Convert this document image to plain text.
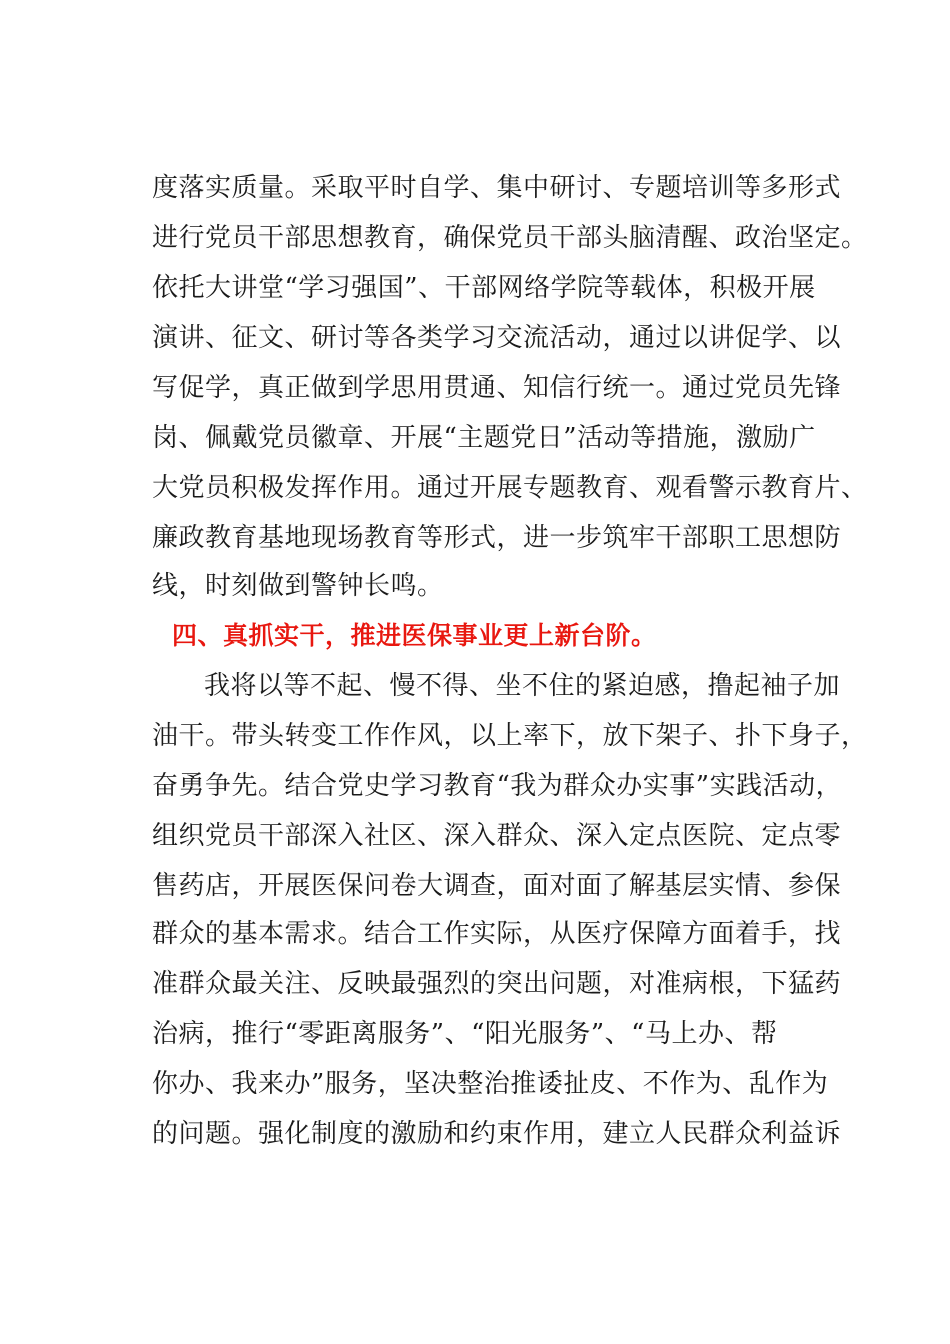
度落实质量。采取平时自学、集中研讨、专题培训等多形式
进行党员干部思想教育，确保党员干部头脑清醒、政治坚定。
依托大讲堂“学习强国”、干部网络学院等载体，积极开展
演讲、征文、研讨等各类学习交流活动，通过以讲促学、以
写促学，真正做到学思用贯通、知信行统一。通过党员先锋
岗、佩戴党员徽章、开展“主题党日”活动等措施，激励广
大党员积极发挥作用。通过开展专题教育、观看警示教育片、
廉政教育基地现场教育等形式，进一步筑牢干部职工思想防
线，时刻做到警钟长鸣。
四、真抓实干，推进医保事业更上新台阶。
我将以等不起、慢不得、坐不住的紧迫感，撸起袖子加
油干。带头转变工作作风，以上率下，放下架子、扑下身子，
奋勇争先。结合党史学习教育“我为群众办实事”实践活动，
组织党员干部深入社区、深入群众、深入定点医院、定点零
售药店，开展医保问卷大调查，面对面了解基层实情、参保
群众的基本需求。结合工作实际，从医疗保障方面着手，找
准群众最关注、反映最强烈的突出问题，对准病根，下猛药
治病，推行“零距离服务”、“阳光服务”、“马上办、帮
你办、我来办”服务，坚决整治推诿扯皮、不作为、乱作为
的问题。强化制度的激励和约束作用，建立人民群众利益诉
